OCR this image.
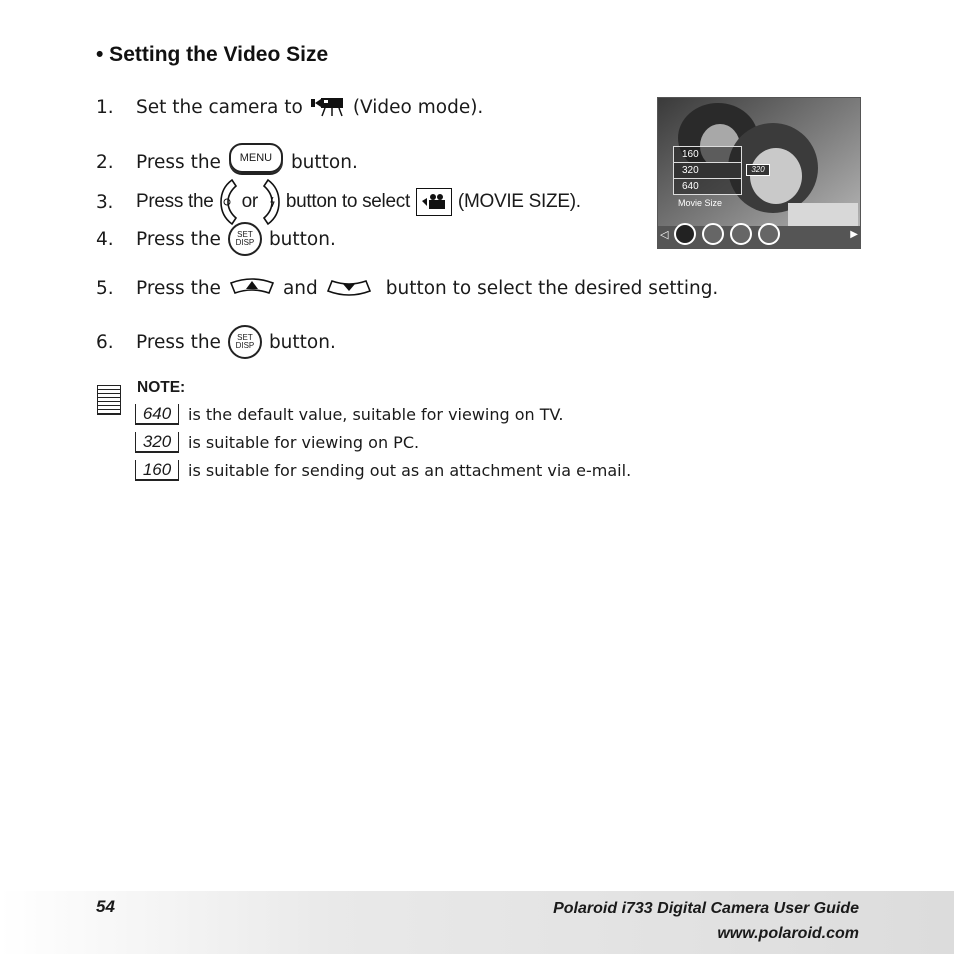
• Setting the Video Size
1.	Set the camera to	(Video mode).
2.	Press the	MENU	button.
3.	Press the or button to select	(MOVIE SIZE).
4.	Press the SET
DISP button.
5.	Press the	and	button to select the desired setting.
6.	Press the SET
DISP button.
320
Movie Size
◁	▶
160
320
640
NOTE:
640	is the default value, suitable for viewing on TV.
320	is suitable for viewing on PC.
160	is suitable for sending out as an attachment via e-mail.
54	Polaroid i733 Digital Camera User Guide
www.polaroid.com
